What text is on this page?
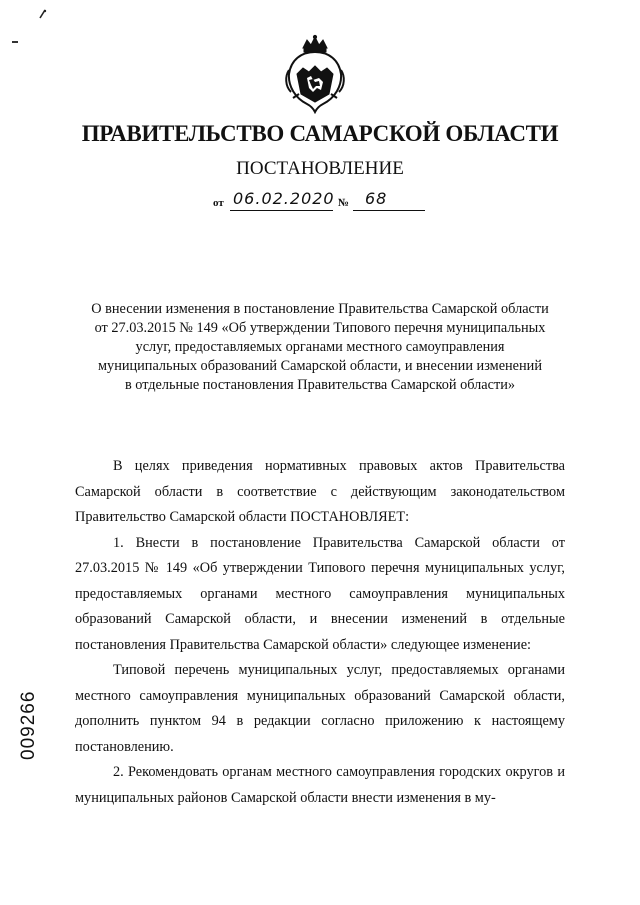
ПРАВИТЕЛЬСТВО САМАРСКОЙ ОБЛАСТИ
ПОСТАНОВЛЕНИЕ
от 06.02.2020 № 68
О внесении изменения в постановление Правительства Самарской области
от 27.03.2015 № 149 «Об утверждении Типового перечня муниципальных
услуг, предоставляемых органами местного самоуправления
муниципальных образований Самарской области, и внесении изменений
в отдельные постановления Правительства Самарской области»

В целях приведения нормативных правовых актов Правительства Самарской области в соответствие с действующим законодательством Правительство Самарской области ПОСТАНОВЛЯЕТ:

1. Внести в постановление Правительства Самарской области от 27.03.2015 № 149 «Об утверждении Типового перечня муниципальных услуг, предоставляемых органами местного самоуправления муниципальных образований Самарской области, и внесении изменений в отдельные постановления Правительства Самарской области» следующее изменение:

Типовой перечень муниципальных услуг, предоставляемых органами местного самоуправления муниципальных образований Самарской области, дополнить пунктом 94 в редакции согласно приложению к настоящему постановлению.

2. Рекомендовать органам местного самоуправления городских округов и муниципальных районов Самарской области внести изменения в му-

009266
